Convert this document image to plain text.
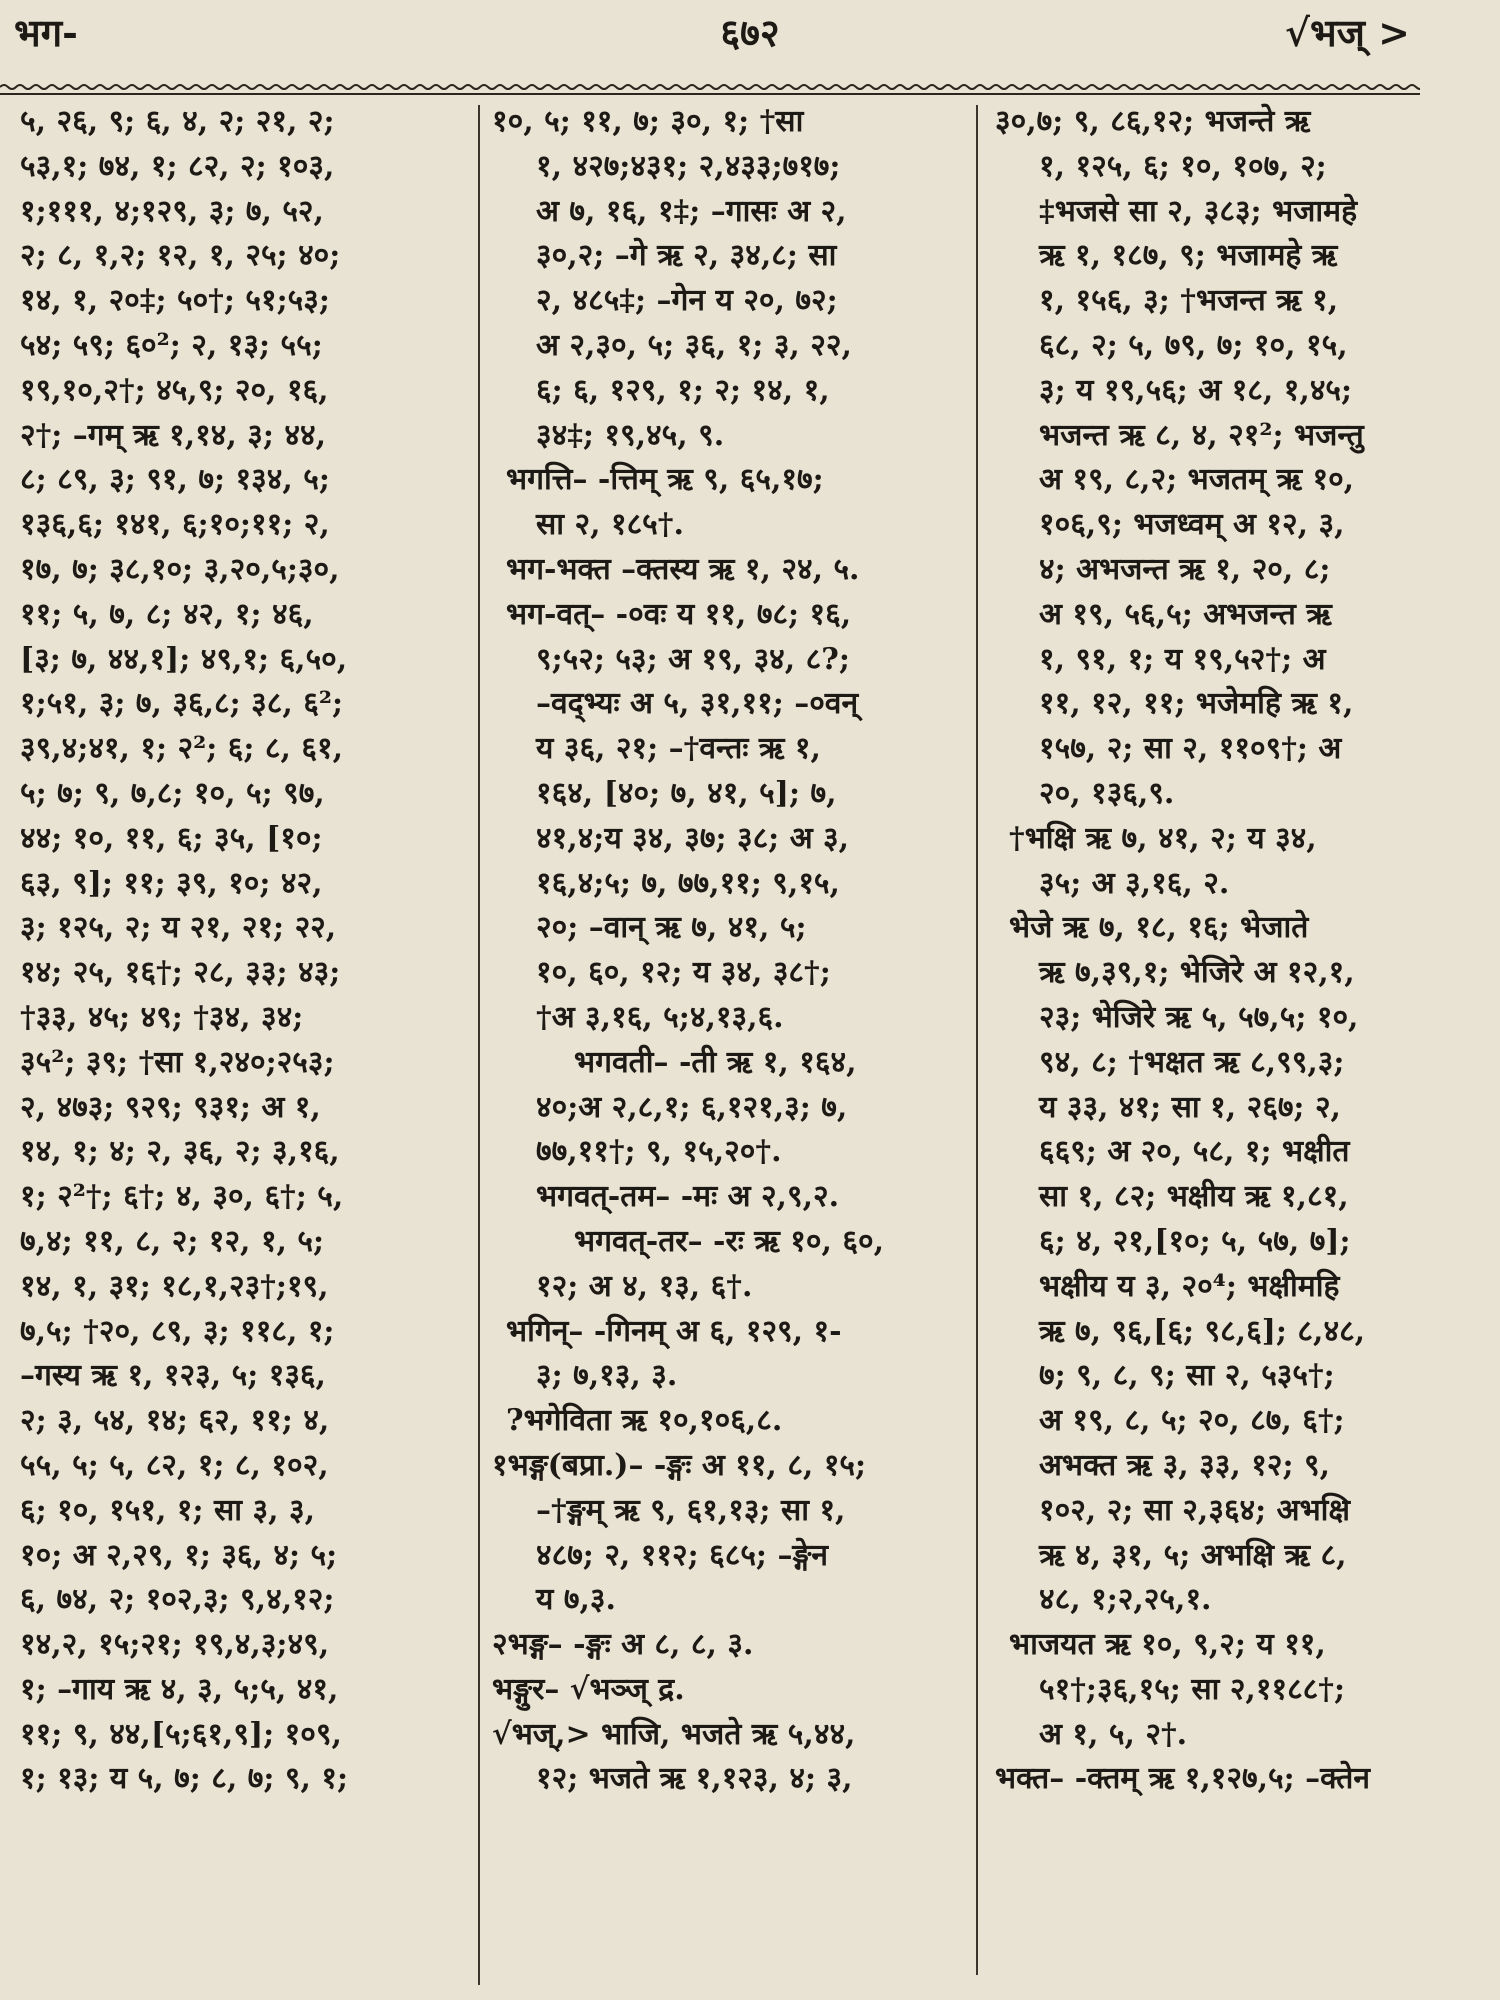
भग-	६७२	√भज् >
५, २६, ९; ६, ४, २; २१, २;
५३,१; ७४, १; ८२, २; १०३,
१;१११, ४;१२९, ३; ७, ५२,
२; ८, १,२; १२, १, २५; ४०;
१४, १, २०‡; ५०†; ५१;५३;
५४; ५९; ६०²; २, १३; ५५;
१९,१०,२†; ४५,९; २०, १६,
२†; –गम् ऋ १,१४, ३; ४४,
८; ८९, ३; ९१, ७; १३४, ५;
१३६,६; १४१, ६;१०;११; २,
१७, ७; ३८,१०; ३,२०,५;३०,
११; ५, ७, ८; ४२, १; ४६,
[३; ७, ४४,१]; ४९,१; ६,५०,
१;५१, ३; ७, ३६,८; ३८, ६²;
३९,४;४१, १; २²; ६; ८, ६१,
५; ७; ९, ७,८; १०, ५; ९७,
४४; १०, ११, ६; ३५, [१०;
६३, ९]; ११; ३९, १०; ४२,
३; १२५, २; य २१, २१; २२,
१४; २५, १६†; २८, ३३; ४३;
†३३, ४५; ४९; †३४, ३४;
३५²; ३९; †सा १,२४०;२५३;
२, ४७३; ९२९; ९३१; अ १,
१४, १; ४; २, ३६, २; ३,१६,
१; २²†; ६†; ४, ३०, ६†; ५,
७,४; ११, ८, २; १२, १, ५;
१४, १, ३१; १८,१,२३†;१९,
७,५; †२०, ८९, ३; ११८, १;
–गस्य ऋ १, १२३, ५; १३६,
२; ३, ५४, १४; ६२, ११; ४,
५५, ५; ५, ८२, १; ८, १०२,
६; १०, १५१, १; सा ३, ३,
१०; अ २,२९, १; ३६, ४; ५;
६, ७४, २; १०२,३; ९,४,१२;
१४,२, १५;२१; १९,४,३;४९,
१; –गाय ऋ ४, ३, ५;५, ४१,
११; ९, ४४,[५;६१,९]; १०९,
१; १३; य ५, ७; ८, ७; ९, १;
१०, ५; ११, ७; ३०, १; †सा
१, ४२७;४३१; २,४३३;७१७;
अ ७, १६, १‡; –गासः अ २,
३०,२; –गे ऋ २, ३४,८; सा
२, ४८५‡; –गेन य २०, ७२;
अ २,३०, ५; ३६, १; ३, २२,
६; ६, १२९, १; २; १४, १,
३४‡; १९,४५, ९.
भगत्ति– -त्तिम् ऋ ९, ६५,१७;
सा २, १८५†.
भग-भक्त –क्तस्य ऋ १, २४, ५.
भग-वत्– -०वः य ११, ७८; १६,
९;५२; ५३; अ १९, ३४, ८?;
–वद्भ्यः अ ५, ३१,११; –०वन्
य ३६, २१; –†वन्तः ऋ १,
१६४, [४०; ७, ४१, ५]; ७,
४१,४;य ३४, ३७; ३८; अ ३,
१६,४;५; ७, ७७,११; ९,१५,
२०; –वान् ऋ ७, ४१, ५;
१०, ६०, १२; य ३४, ३८†;
†अ ३,१६, ५;४,१३,६.
भगवती– -ती ऋ १, १६४,
४०;अ २,८,१; ६,१२१,३; ७,
७७,११†; ९, १५,२०†.
भगवत्-तम– -मः अ २,९,२.
भगवत्-तर– -रः ऋ १०, ६०,
१२; अ ४, १३, ६†.
भगिन्– -गिनम् अ ६, १२९, १-
३; ७,१३, ३.
?भगेविता ऋ १०,१०६,८.
१भङ्ग(बप्रा.)– -ङ्गः अ ११, ८, १५;
–†ङ्गम् ऋ ९, ६१,१३; सा १,
४८७; २, ११२; ६८५; –ङ्गेन
य ७,३.
२भङ्ग– -ङ्गः अ ८, ८, ३.
भङ्गुर– √भञ्ज् द्र.
√भज्,> भाजि, भजते ऋ ५,४४,
१२; भजते ऋ १,१२३, ४; ३,
३०,७; ९, ८६,१२; भजन्ते ऋ
१, १२५, ६; १०, १०७, २;
‡भजसे सा २, ३८३; भजामहे
ऋ १, १८७, ९; भजामहे ऋ
१, १५६, ३; †भजन्त ऋ १,
६८, २; ५, ७९, ७; १०, १५,
३; य १९,५६; अ १८, १,४५;
भजन्त ऋ ८, ४, २१²; भजन्तु
अ १९, ८,२; भजतम् ऋ १०,
१०६,९; भजध्वम् अ १२, ३,
४; अभजन्त ऋ १, २०, ८;
अ १९, ५६,५; अभजन्त ऋ
१, ९१, १; य १९,५२†; अ
११, १२, ११; भजेमहि ऋ १,
१५७, २; सा २, ११०९†; अ
२०, १३६,९.
†भक्षि ऋ ७, ४१, २; य ३४,
३५; अ ३,१६, २.
भेजे ऋ ७, १८, १६; भेजाते
ऋ ७,३९,१; भेजिरे अ १२,१,
२३; भेजिरे ऋ ५, ५७,५; १०,
९४, ८; †भक्षत ऋ ८,९९,३;
य ३३, ४१; सा १, २६७; २,
६६९; अ २०, ५८, १; भक्षीत
सा १, ८२; भक्षीय ऋ १,८१,
६; ४, २१,[१०; ५, ५७, ७];
भक्षीय य ३, २०⁴; भक्षीमहि
ऋ ७, ९६,[६; ९८,६]; ८,४८,
७; ९, ८, ९; सा २, ५३५†;
अ १९, ८, ५; २०, ८७, ६†;
अभक्त ऋ ३, ३३, १२; ९,
१०२, २; सा २,३६४; अभक्षि
ऋ ४, ३१, ५; अभक्षि ऋ ८,
४८, १;२,२५,१.
भाजयत ऋ १०, ९,२; य ११,
५१†;३६,१५; सा २,११८८†;
अ १, ५, २†.
भक्त– -क्तम् ऋ १,१२७,५; –क्तेन
